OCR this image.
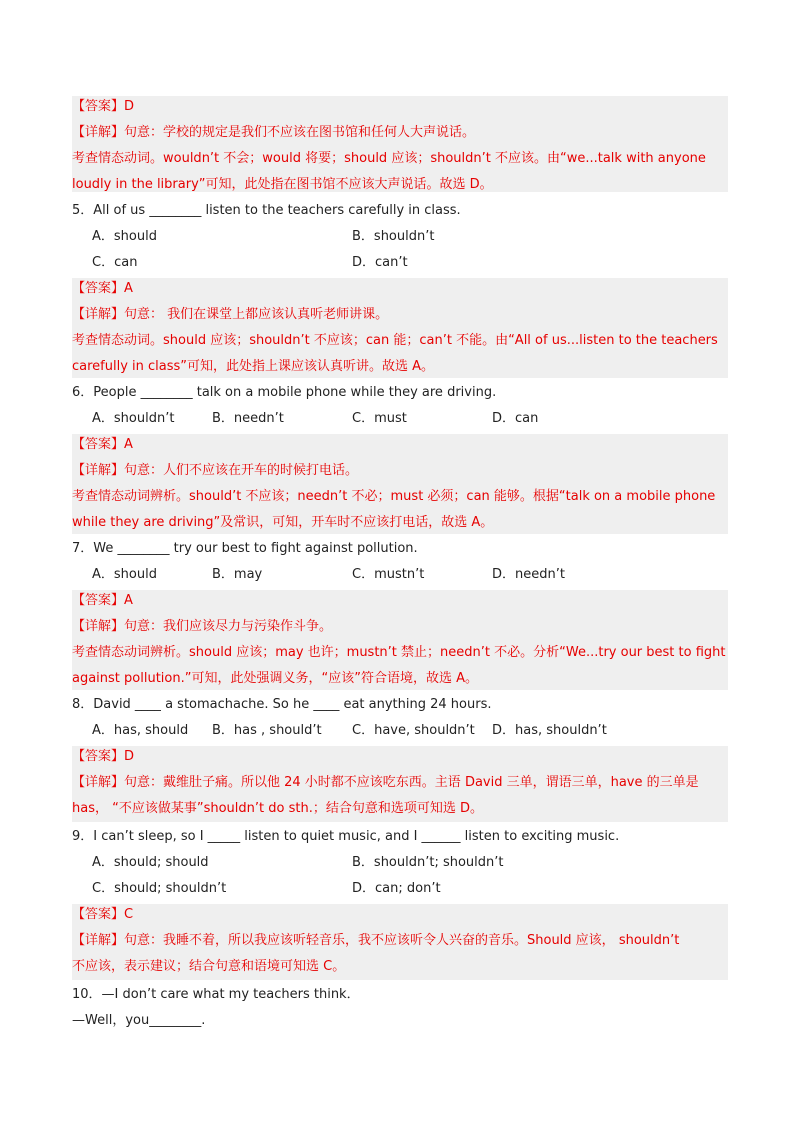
【答案】D
【详解】句意：学校的规定是我们不应该在图书馆和任何人大声说话。
考查情态动词。wouldn’t 不会；would 将要；should 应该；shouldn’t 不应该。由“we...talk with anyone
loudly in the library”可知，此处指在图书馆不应该大声说话。故选 D。
5．All of us ________ listen to the teachers carefully in class.
A．should	B．shouldn’t
C．can	D．can’t
【答案】A
【详解】句意： 我们在课堂上都应该认真听老师讲课。
考查情态动词。should 应该；shouldn’t 不应该；can 能；can’t 不能。由“All of us...listen to the teachers
carefully in class”可知，此处指上课应该认真听讲。故选 A。
6．People ________ talk on a mobile phone while they are driving.
A．shouldn’t	B．needn’t	C．must	D．can
【答案】A
【详解】句意：人们不应该在开车的时候打电话。
考查情态动词辨析。should’t 不应该；needn’t 不必；must 必须；can 能够。根据“talk on a mobile phone
while they are driving”及常识，可知，开车时不应该打电话，故选 A。
7．We ________ try our best to fight against pollution.
A．should	B．may	C．mustn’t	D．needn’t
【答案】A
【详解】句意：我们应该尽力与污染作斗争。
考查情态动词辨析。should 应该；may 也许；mustn’t 禁止；needn’t 不必。分析“We...try our best to fight
against pollution.”可知，此处强调义务，“应该”符合语境，故选 A。
8．David ____ a stomachache. So he ____ eat anything 24 hours.
A．has, should B．has , should’t C．have, shouldn’t D．has, shouldn’t
【答案】D
【详解】句意：戴维肚子痛。所以他 24 小时都不应该吃东西。主语 David 三单，谓语三单，have 的三单是
has， “不应该做某事”shouldn’t do sth.；结合句意和选项可知选 D。
9．I can’t sleep, so I _____ listen to quiet music, and I ______ listen to exciting music.
A．should; should	B．shouldn’t; shouldn’t
C．should; shouldn’t	D．can; don’t
【答案】C
【详解】句意：我睡不着，所以我应该听轻音乐，我不应该听令人兴奋的音乐。Should 应该， shouldn’t
不应该，表示建议；结合句意和语境可知选 C。
10．—I don’t care what my teachers think．
—Well，you________.
